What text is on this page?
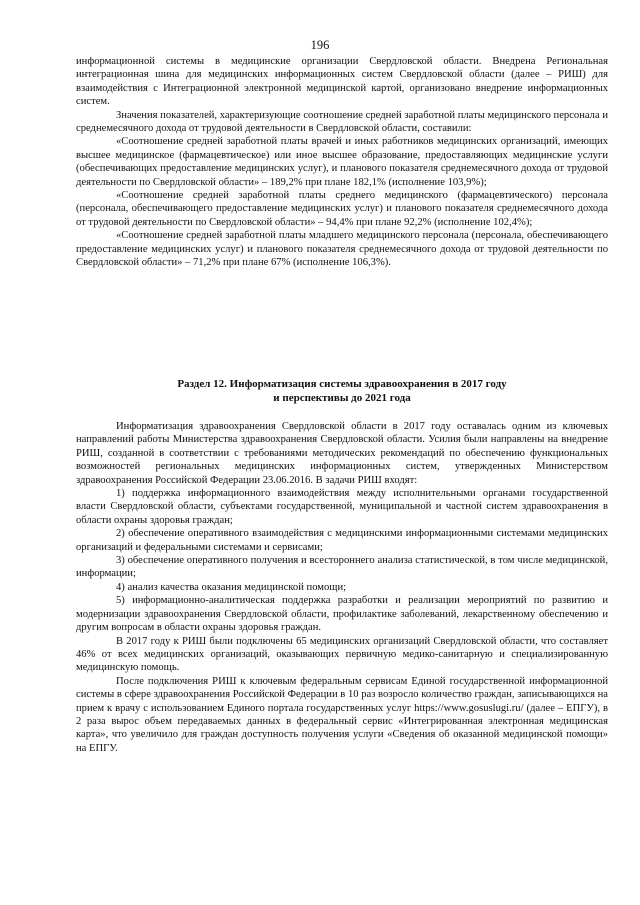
196

информационной системы в медицинские организации Свердловской области. Внедрена Региональная интеграционная шина для медицинских информационных систем Свердловской области (далее – РИШ) для взаимодействия с Интеграционной электронной медицинской картой, организовано внедрение информационных систем.

Значения показателей, характеризующие соотношение средней заработной платы медицинского персонала и среднемесячного дохода от трудовой деятельности в Свердловской области, составили:

«Соотношение средней заработной платы врачей и иных работников медицинских организаций, имеющих высшее медицинское (фармацевтическое) или иное высшее образование, предоставляющих медицинские услуги (обеспечивающих предоставление медицинских услуг), и планового показателя среднемесячного дохода от трудовой деятельности по Свердловской области» – 189,2% при плане 182,1% (исполнение 103,9%);

«Соотношение средней заработной платы среднего медицинского (фармацевтического) персонала (персонала, обеспечивающего предоставление медицинских услуг) и планового показателя среднемесячного дохода от трудовой деятельности по Свердловской области» – 94,4% при плане 92,2% (исполнение 102,4%);

«Соотношение средней заработной платы младшего медицинского персонала (персонала, обеспечивающего предоставление медицинских услуг) и планового показателя среднемесячного дохода от трудовой деятельности по Свердловской области» – 71,2% при плане 67% (исполнение 106,3%).

Раздел 12. Информатизация системы здравоохранения в 2017 году
и перспективы до 2021 года

Информатизация здравоохранения Свердловской области в 2017 году оставалась одним из ключевых направлений работы Министерства здравоохранения Свердловской области. Усилия были направлены на внедрение РИШ, созданной в соответствии с требованиями методических рекомендаций по обеспечению функциональных возможностей региональных медицинских информационных систем, утвержденных Министерством здравоохранения Российской Федерации 23.06.2016. В задачи РИШ входят:

1) поддержка информационного взаимодействия между исполнительными органами государственной власти Свердловской области, субъектами государственной, муниципальной и частной систем здравоохранения в области охраны здоровья граждан;

2) обеспечение оперативного взаимодействия с медицинскими информационными системами медицинских организаций и федеральными системами и сервисами;

3) обеспечение оперативного получения и всестороннего анализа статистической, в том числе медицинской, информации;

4) анализ качества оказания медицинской помощи;

5) информационно-аналитическая поддержка разработки и реализации мероприятий по развитию и модернизации здравоохранения Свердловской области, профилактике заболеваний, лекарственному обеспечению и другим вопросам в области охраны здоровья граждан.

В 2017 году к РИШ были подключены 65 медицинских организаций Свердловской области, что составляет 46% от всех медицинских организаций, оказывающих первичную медико-санитарную и специализированную медицинскую помощь.

После подключения РИШ к ключевым федеральным сервисам Единой государственной информационной системы в сфере здравоохранения Российской Федерации в 10 раз возросло количество граждан, записывающихся на прием к врачу с использованием Единого портала государственных услуг https://www.gosuslugi.ru/ (далее – ЕПГУ), в 2 раза вырос объем передаваемых данных в федеральный сервис «Интегрированная электронная медицинская карта», что увеличило для граждан доступность получения услуги «Сведения об оказанной медицинской помощи» на ЕПГУ.
